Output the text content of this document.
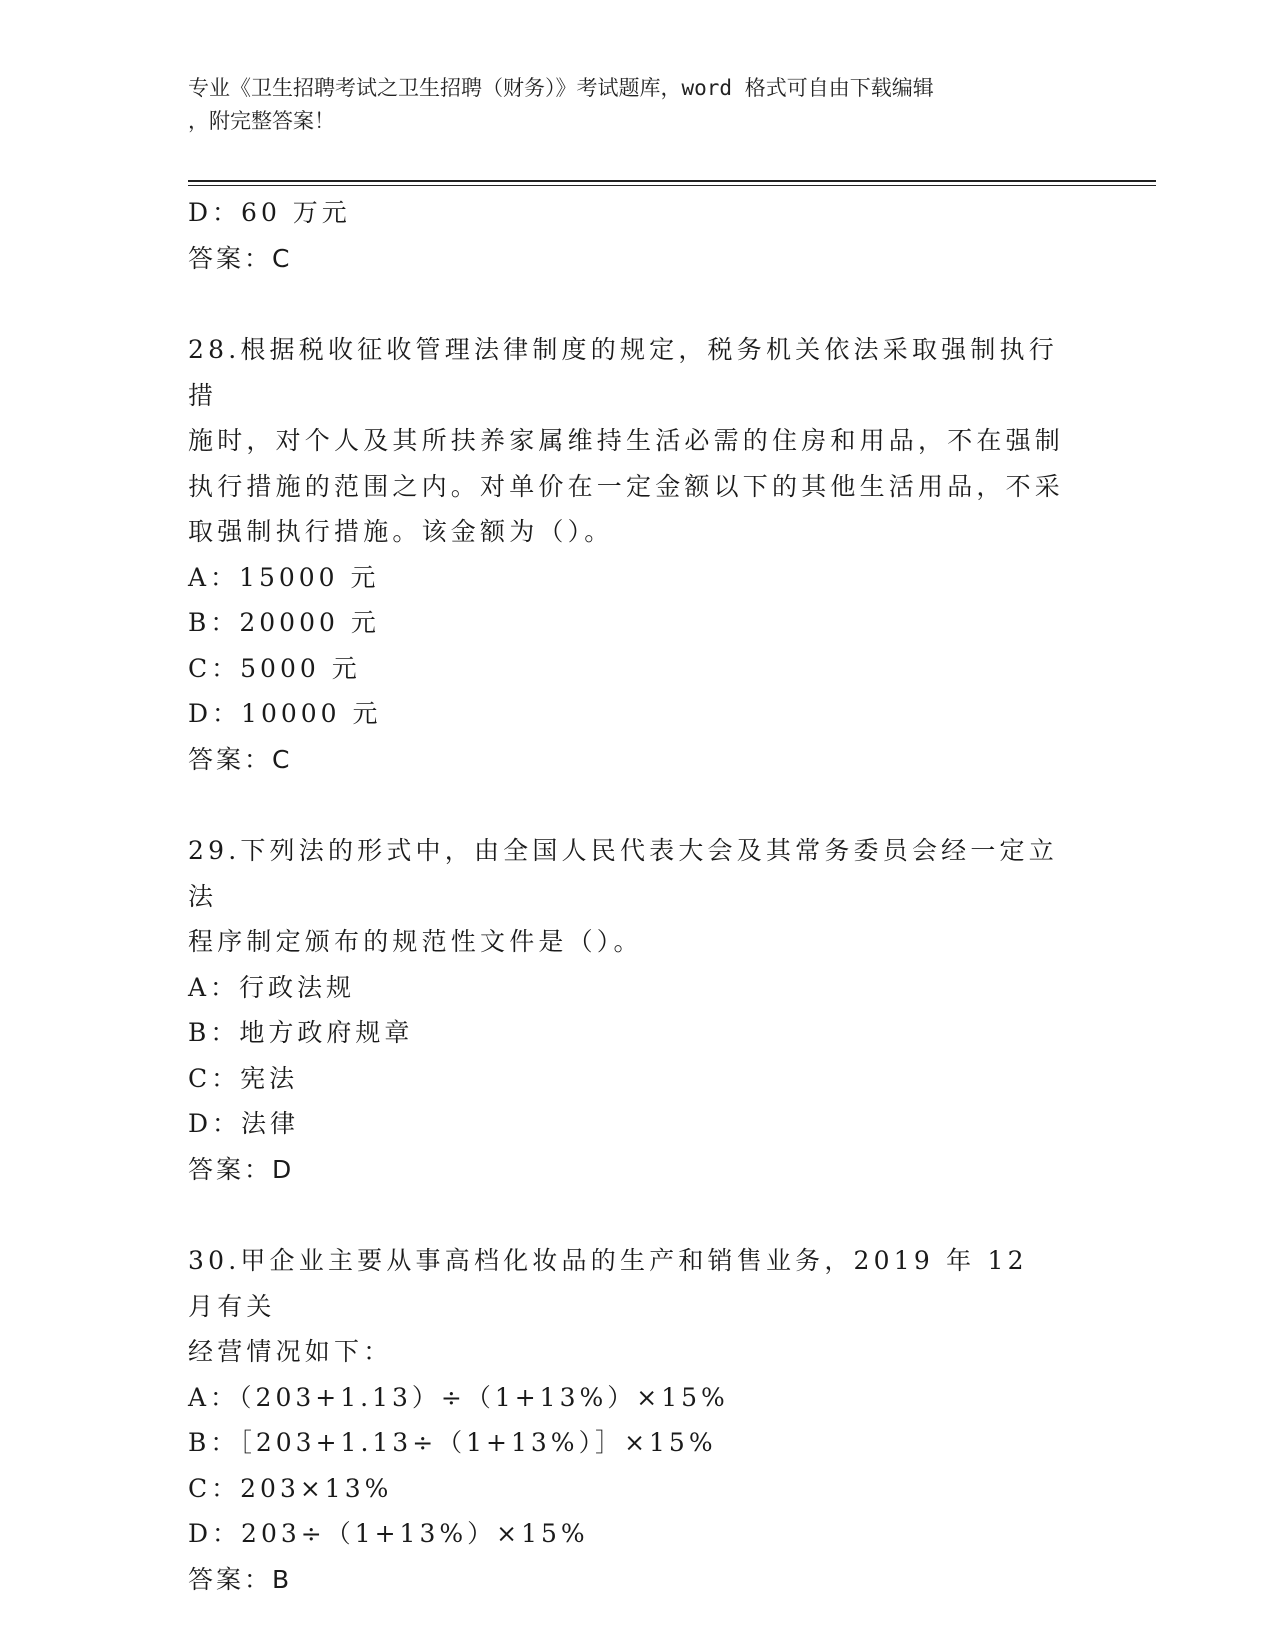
专业《卫生招聘考试之卫生招聘（财务）》考试题库，word 格式可自由下载编辑
，附完整答案！
D：60 万元
答案：C
28.根据税收征收管理法律制度的规定，税务机关依法采取强制执行措
施时，对个人及其所扶养家属维持生活必需的住房和用品，不在强制
执行措施的范围之内。对单价在一定金额以下的其他生活用品，不采
取强制执行措施。该金额为（）。
A：15000 元
B：20000 元
C：5000 元
D：10000 元
答案：C
29.下列法的形式中，由全国人民代表大会及其常务委员会经一定立法
程序制定颁布的规范性文件是（）。
A：行政法规
B：地方政府规章
C：宪法
D：法律
答案：D
30.甲企业主要从事高档化妆品的生产和销售业务，2019 年 12 月有关
经营情况如下：
A：（203+1.13）÷（1+13%）×15%
B：［203+1.13÷（1+13%）］×15%
C：203×13%
D：203÷（1+13%）×15%
答案：B
